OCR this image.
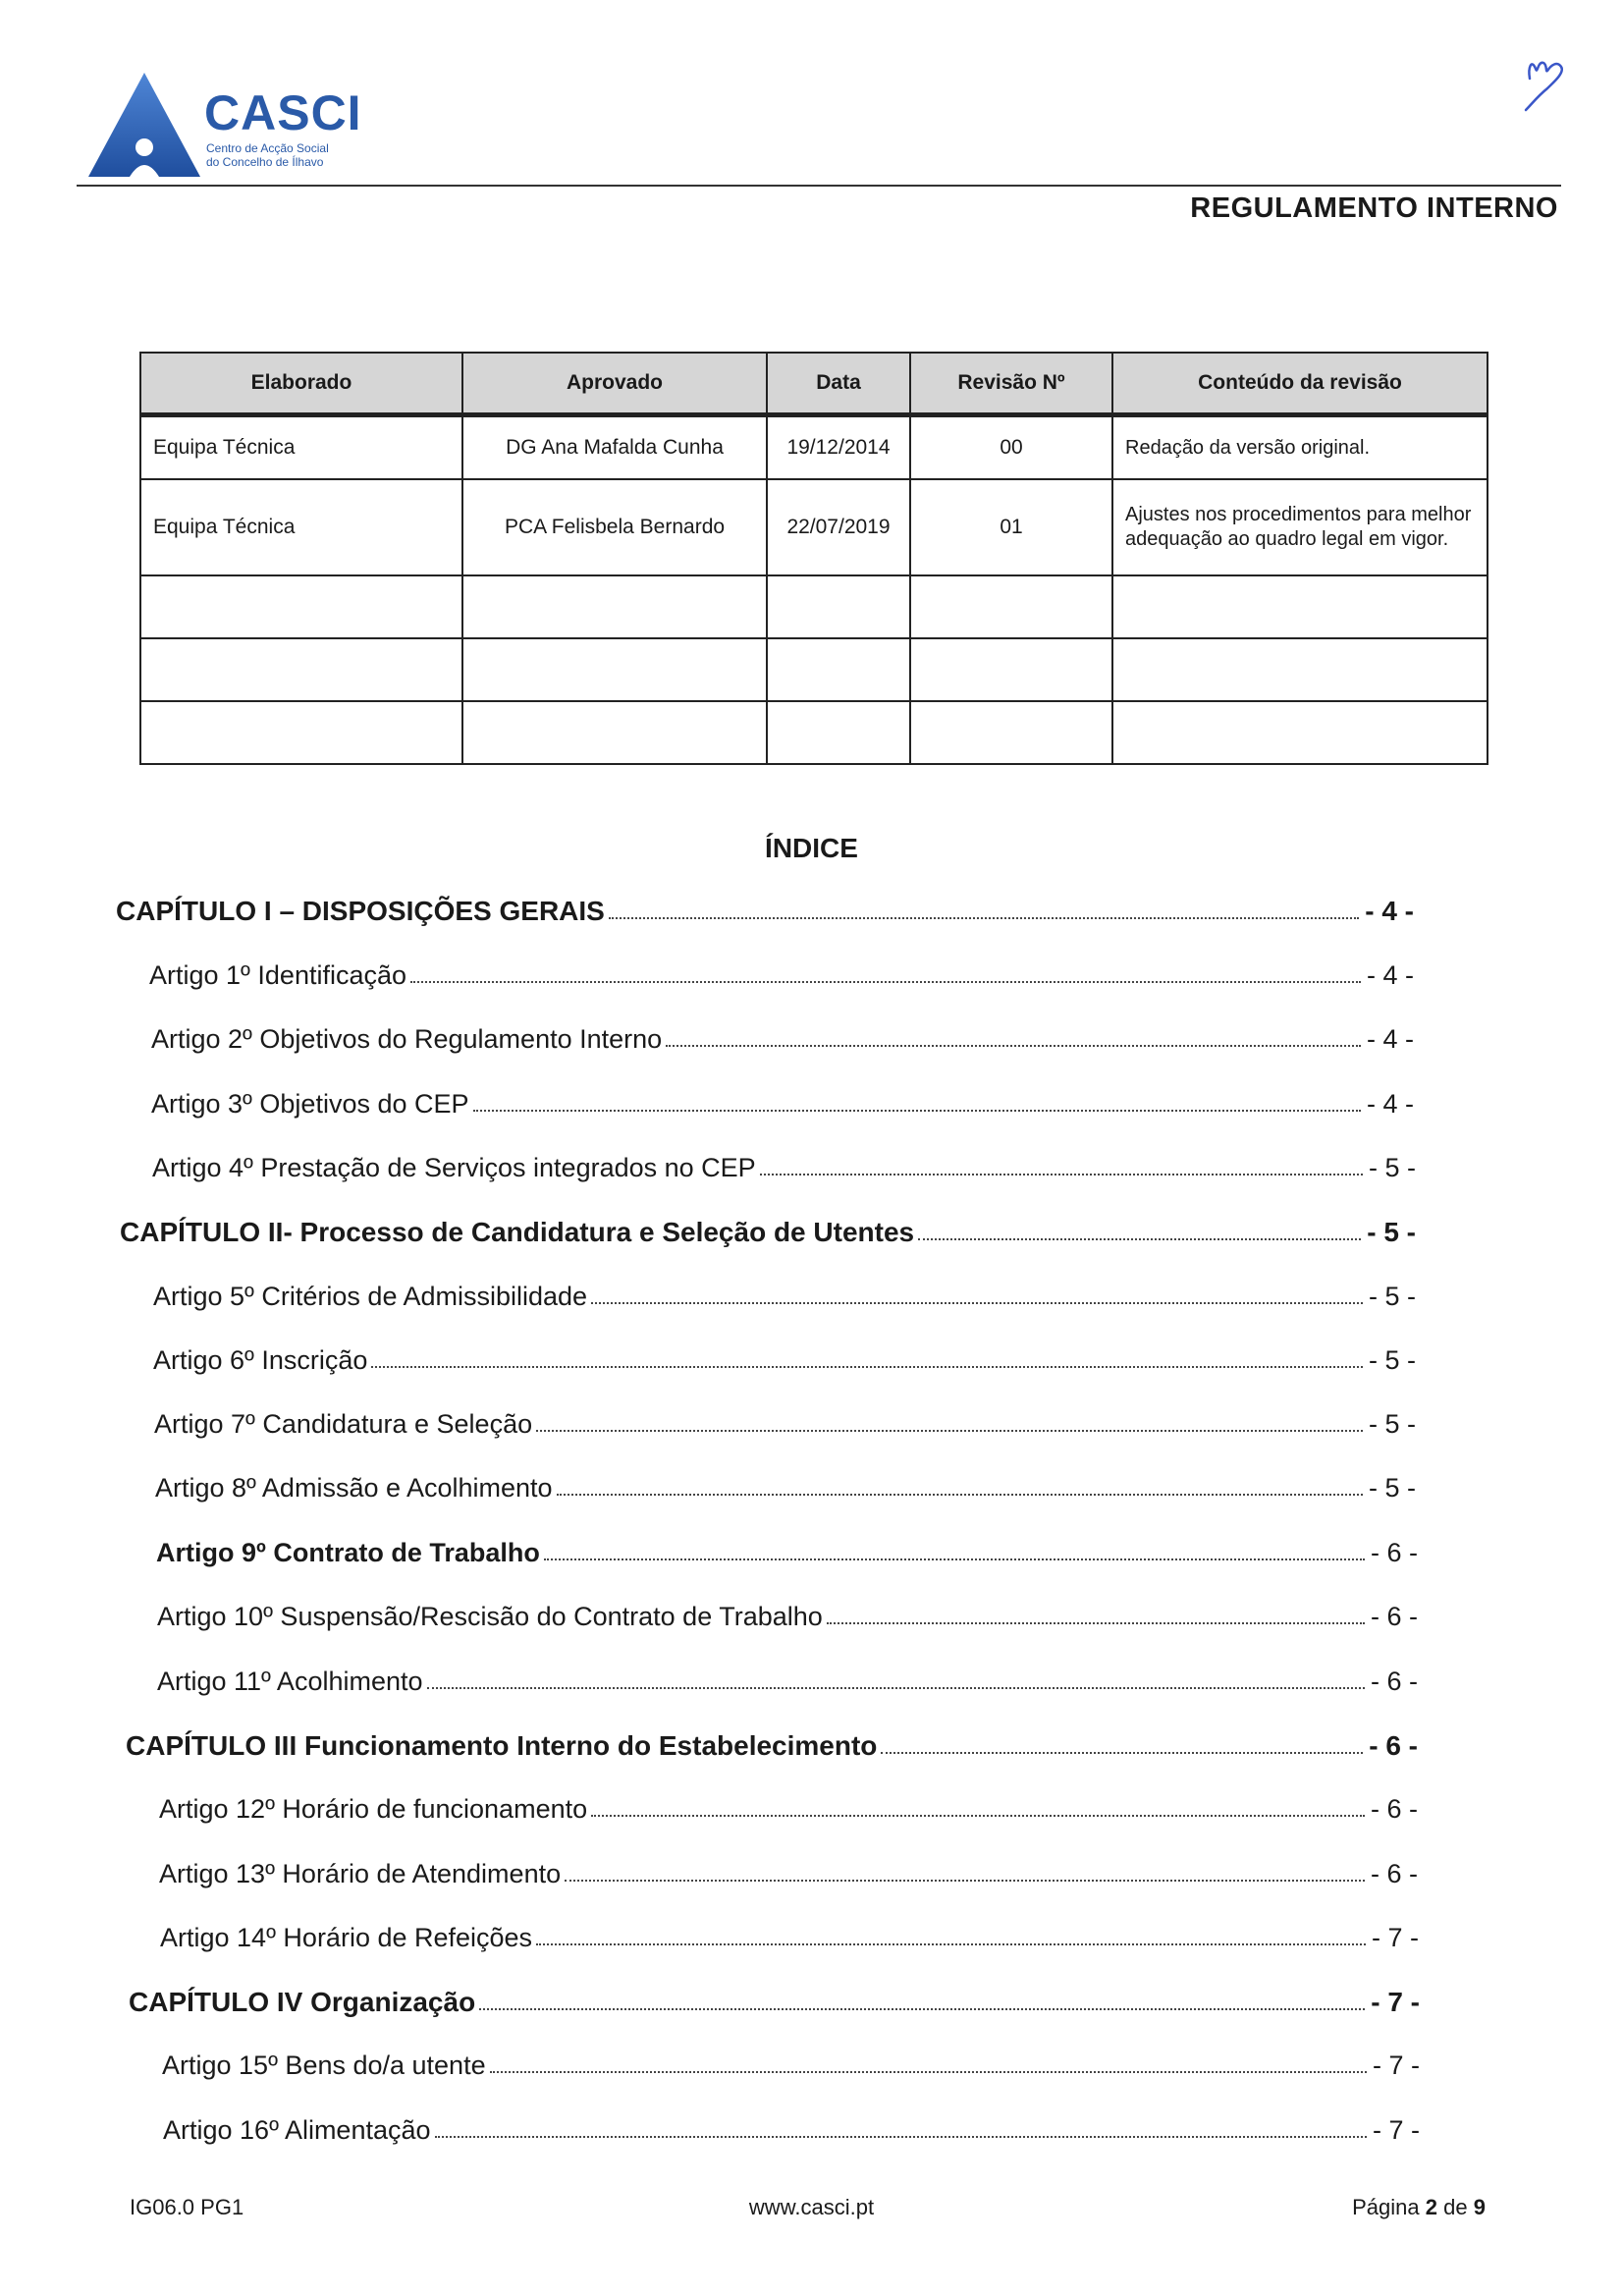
CASCI
Centro de Acção Social
do Concelho de Ílhavo
REGULAMENTO INTERNO
Elaborado	Aprovado	Data	Revisão Nº	Conteúdo da revisão
Equipa Técnica	DG Ana Mafalda Cunha	19/12/2014	00	Redação da versão original.
Equipa Técnica	PCA Felisbela Bernardo	22/07/2019	01	Ajustes nos procedimentos para melhor adequação ao quadro legal em vigor.

ÍNDICE
CAPÍTULO I – DISPOSIÇÕES GERAIS	- 4 -
Artigo 1º Identificação	- 4 -
Artigo 2º Objetivos do Regulamento Interno	- 4 -
Artigo 3º Objetivos do CEP	- 4 -
Artigo 4º Prestação de Serviços integrados no CEP	- 5 -
CAPÍTULO II- Processo de Candidatura e Seleção de Utentes	- 5 -
Artigo 5º Critérios de Admissibilidade	- 5 -
Artigo 6º Inscrição	- 5 -
Artigo 7º Candidatura e Seleção	- 5 -
Artigo 8º Admissão e Acolhimento	- 5 -
Artigo 9º Contrato de Trabalho	- 6 -
Artigo 10º Suspensão/Rescisão do Contrato de Trabalho	- 6 -
Artigo 11º Acolhimento	- 6 -
CAPÍTULO III Funcionamento Interno do Estabelecimento	- 6 -
Artigo 12º Horário de funcionamento	- 6 -
Artigo 13º Horário de Atendimento	- 6 -
Artigo 14º Horário de Refeições	- 7 -
CAPÍTULO IV Organização	- 7 -
Artigo 15º Bens do/a utente	- 7 -
Artigo 16º Alimentação	- 7 -
IG06.0 PG1	www.casci.pt	Página 2 de 9
